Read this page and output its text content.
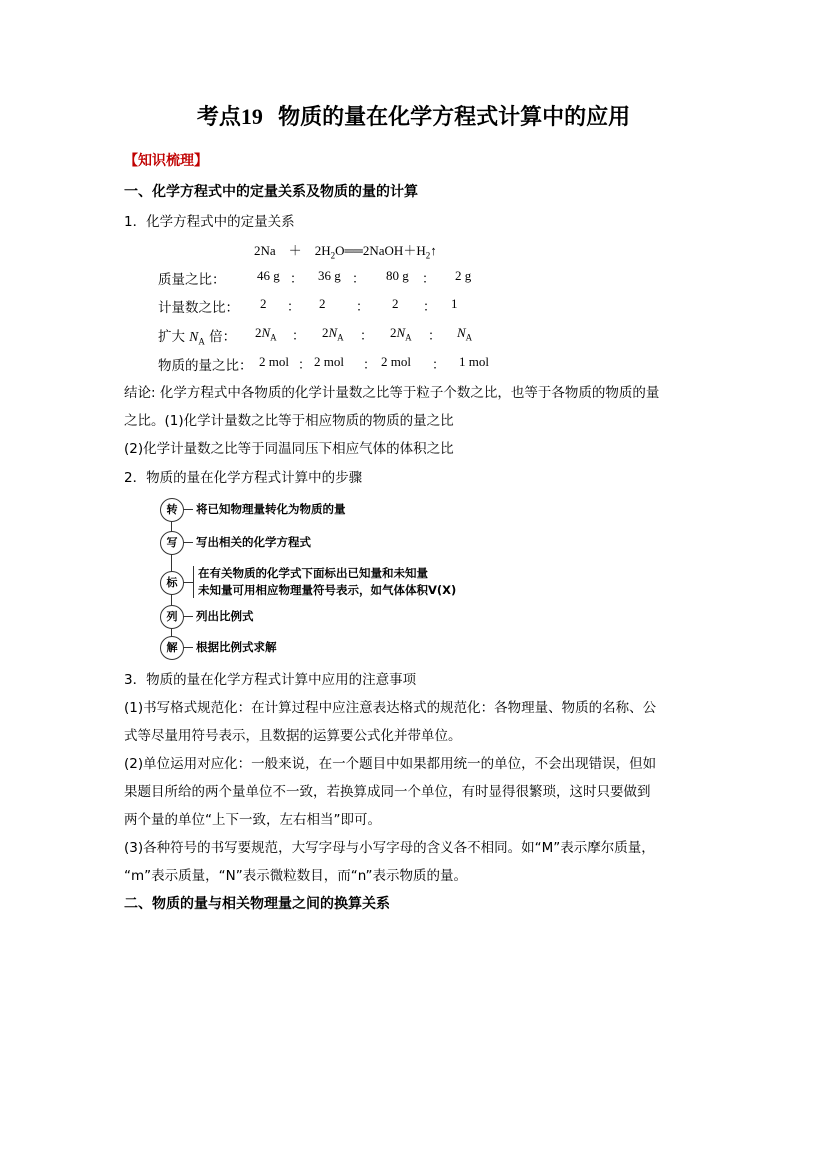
考点19 物质的量在化学方程式计算中的应用
【知识梳理】
一、化学方程式中的定量关系及物质的量的计算
1．化学方程式中的定量关系
$2Na + 2H_2O══2NaOH+H_2↑$
质量之比： 46 g ： 36 g ： 80 g ： 2 g
计量数之比： 2 ： 2 ： 2 ： 1
扩大 $N_A$ 倍： $2N_A$ ： $2N_A$ ： $2N_A$ ： $N_A$
物质的量之比： 2 mol ： 2 mol ： 2 mol ： 1 mol
结论: 化学方程式中各物质的化学计量数之比等于粒子个数之比，也等于各物质的物质的量
之比。(1)化学计量数之比等于相应物质的物质的量之比
(2)化学计量数之比等于同温同压下相应气体的体积之比
2．物质的量在化学方程式计算中的步骤
转	将已知物理量转化为物质的量
写	写出相关的化学方程式
标
在有关物质的化学式下面标出已知量和未知量
未知量可用相应物理量符号表示，如气体体积V(X)
列	列出比例式
解	根据比例式求解
3．物质的量在化学方程式计算中应用的注意事项
(1)书写格式规范化：在计算过程中应注意表达格式的规范化：各物理量、物质的名称、公
式等尽量用符号表示，且数据的运算要公式化并带单位。
(2)单位运用对应化：一般来说，在一个题目中如果都用统一的单位，不会出现错误，但如
果题目所给的两个量单位不一致，若换算成同一个单位，有时显得很繁琐，这时只要做到
两个量的单位“上下一致，左右相当”即可。
(3)各种符号的书写要规范，大写字母与小写字母的含义各不相同。如“M”表示摩尔质量，
“m”表示质量，“N”表示微粒数目，而“n”表示物质的量。
二、物质的量与相关物理量之间的换算关系
